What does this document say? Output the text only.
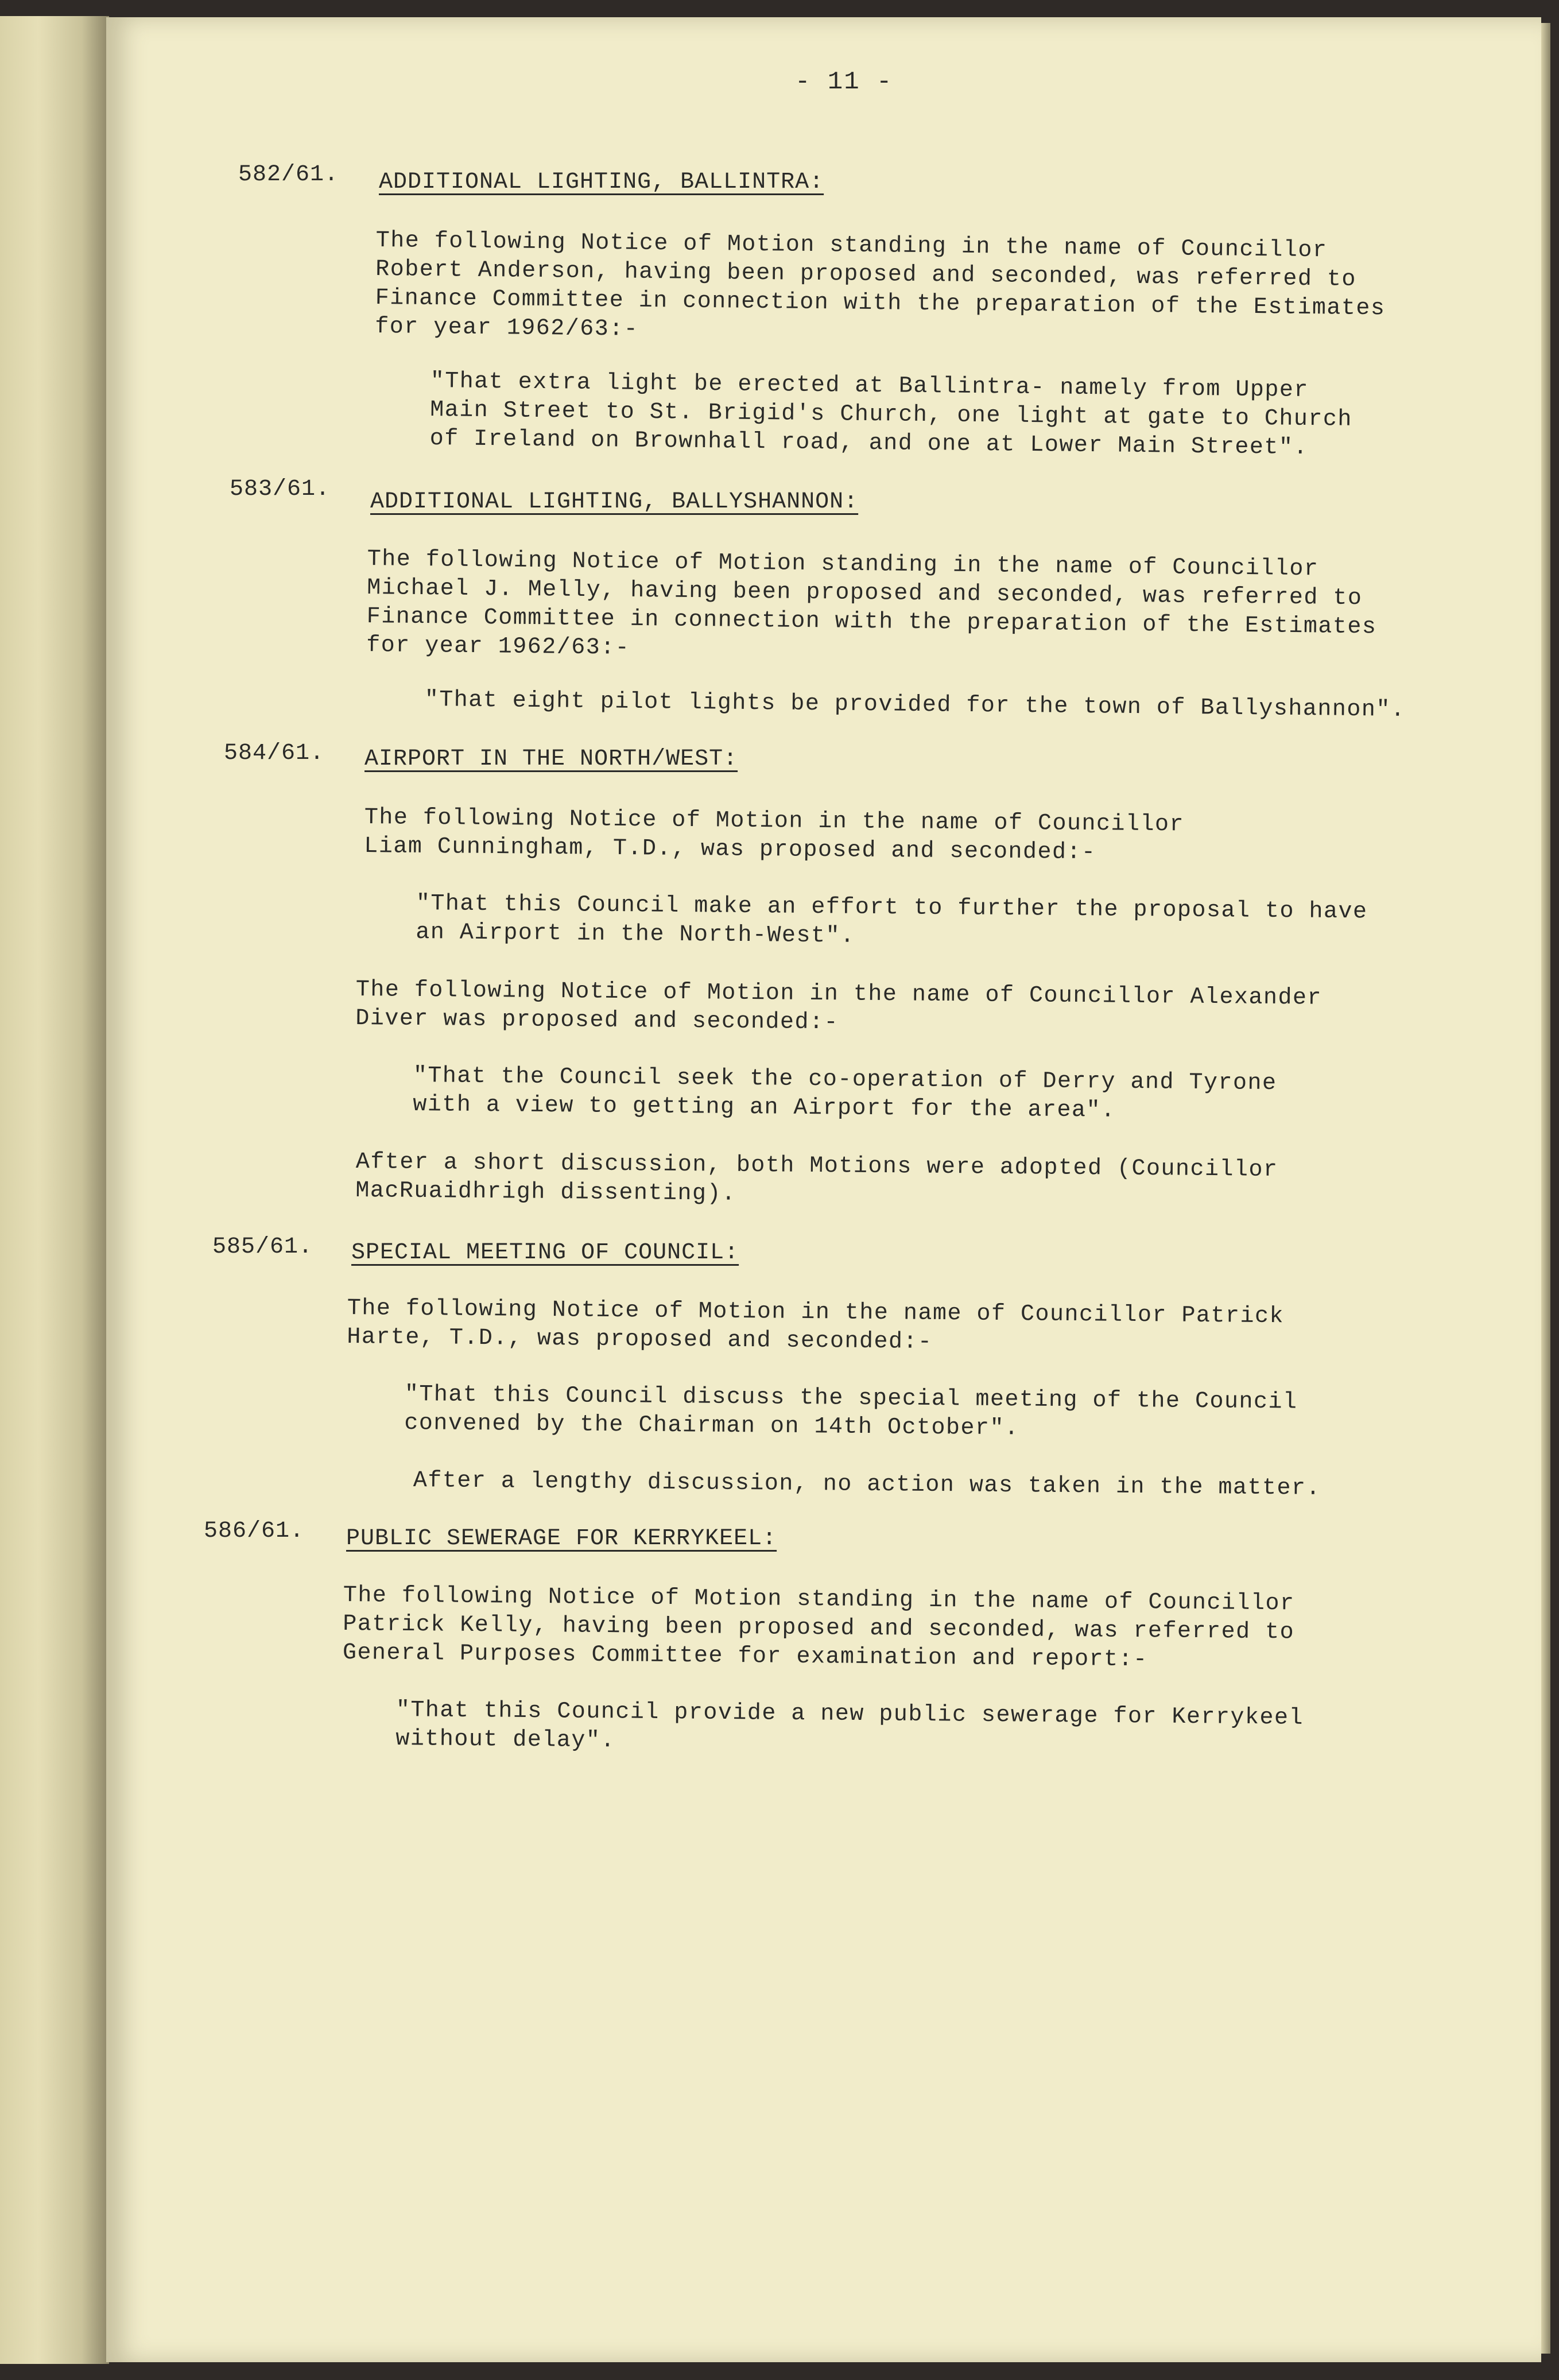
- 11 -
582/61. ADDITIONAL LIGHTING, BALLINTRA:

The following Notice of Motion standing in the name of Councillor
Robert Anderson, having been proposed and seconded, was referred to
Finance Committee in connection with the preparation of the Estimates
for year 1962/63:-

"That extra light be erected at Ballintra- namely from Upper
Main Street to St. Brigid's Church, one light at gate to Church
of Ireland on Brownhall road, and one at Lower Main Street".

583/61. ADDITIONAL LIGHTING, BALLYSHANNON:

The following Notice of Motion standing in the name of Councillor
Michael J. Melly, having been proposed and seconded, was referred to
Finance Committee in connection with the preparation of the Estimates
for year 1962/63:-

"That eight pilot lights be provided for the town of Ballyshannon".

584/61. AIRPORT IN THE NORTH/WEST:

The following Notice of Motion in the name of Councillor
Liam Cunningham, T.D., was proposed and seconded:-

"That this Council make an effort to further the proposal to have
an Airport in the North-West".

The following Notice of Motion in the name of Councillor Alexander
Diver was proposed and seconded:-

"That the Council seek the co-operation of Derry and Tyrone
with a view to getting an Airport for the area".

After a short discussion, both Motions were adopted (Councillor
MacRuaidhrigh dissenting).

585/61. SPECIAL MEETING OF COUNCIL:

The following Notice of Motion in the name of Councillor Patrick
Harte, T.D., was proposed and seconded:-

"That this Council discuss the special meeting of the Council
convened by the Chairman on 14th October".

After a lengthy discussion, no action was taken in the matter.

586/61. PUBLIC SEWERAGE FOR KERRYKEEL:

The following Notice of Motion standing in the name of Councillor
Patrick Kelly, having been proposed and seconded, was referred to
General Purposes Committee for examination and report:-

"That this Council provide a new public sewerage for Kerrykeel
without delay".
